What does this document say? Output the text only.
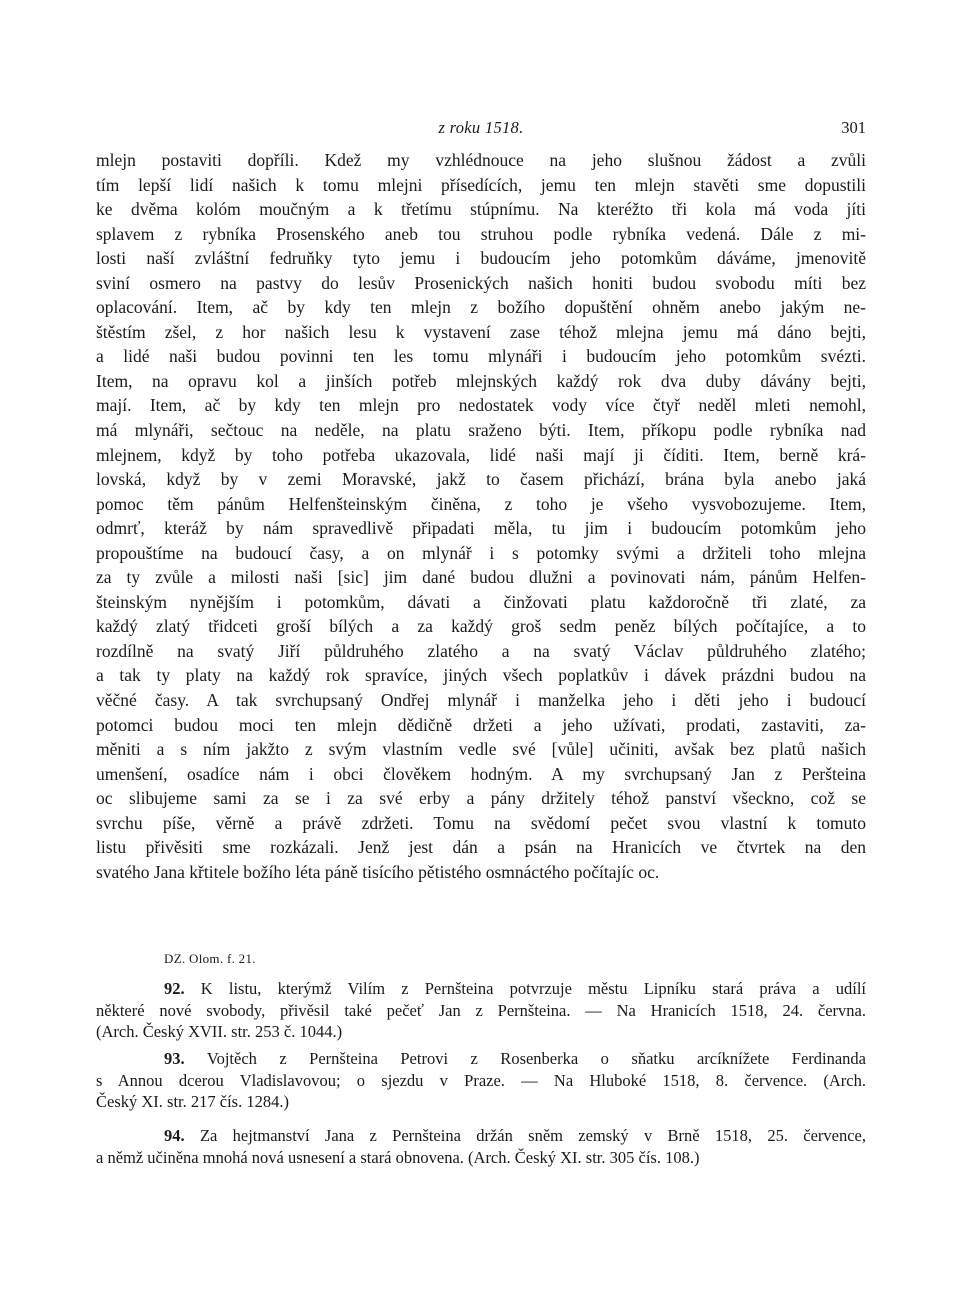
z roku 1518.	301
mlejn postaviti dopříli. Kdež my vzhlédnouce na jeho slušnou žádost a zvůli
tím lepší lidí našich k tomu mlejni přísedících, jemu ten mlejn stavěti sme dopustili
ke dvěma kolóm moučným a k třetímu stúpnímu. Na kteréžto tři kola má voda jíti
splavem z rybníka Prosenského aneb tou struhou podle rybníka vedená. Dále z mi-
losti naší zvláštní fedruňky tyto jemu i budoucím jeho potomkům dáváme, jmenovitě
sviní osmero na pastvy do lesův Prosenických našich honiti budou svobodu míti bez
oplacování. Item, ač by kdy ten mlejn z božího dopuštění ohněm anebo jakým ne-
štěstím zšel, z hor našich lesu k vystavení zase téhož mlejna jemu má dáno bejti,
a lidé naši budou povinni ten les tomu mlynáři i budoucím jeho potomkům svézti.
Item, na opravu kol a jinších potřeb mlejnských každý rok dva duby dávány bejti,
mají. Item, ač by kdy ten mlejn pro nedostatek vody více čtyř neděl mleti nemohl,
má mlynáři, sečtouc na neděle, na platu sraženo býti. Item, příkopu podle rybníka nad
mlejnem, když by toho potřeba ukazovala, lidé naši mají ji číditi. Item, berně krá-
lovská, když by v zemi Moravské, jakž to časem přichází, brána byla anebo jaká
pomoc těm pánům Helfenšteinským činěna, z toho je všeho vysvobozujeme. Item,
odmrť, kteráž by nám spravedlivě připadati měla, tu jim i budoucím potomkům jeho
propouštíme na budoucí časy, a on mlynář i s potomky svými a držiteli toho mlejna
za ty zvůle a milosti naši [sic] jim dané budou dlužni a povinovati nám, pánům Helfen-
šteinským nynějším i potomkům, dávati a činžovati platu každoročně tři zlaté, za
každý zlatý třidceti groší bílých a za každý groš sedm peněz bílých počítajíce, a to
rozdílně na svatý Jiří půldruhého zlatého a na svatý Václav půldruhého zlatého;
a tak ty platy na každý rok spravíce, jiných všech poplatkův i dávek prázdni budou na
věčné časy. A tak svrchupsaný Ondřej mlynář i manželka jeho i děti jeho i budoucí
potomci budou moci ten mlejn dědičně držeti a jeho užívati, prodati, zastaviti, za-
měniti a s ním jakžto z svým vlastním vedle své [vůle] učiniti, avšak bez platů našich
umenšení, osadíce nám i obci člověkem hodným. A my svrchupsaný Jan z Peršteina
oc slibujeme sami za se i za své erby a pány držitely téhož panství všeckno, což se
svrchu píše, věrně a právě zdržeti. Tomu na svědomí pečet svou vlastní k tomuto
listu přivěsiti sme rozkázali. Jenž jest dán a psán na Hranicích ve čtvrtek na den
svatého Jana křtitele božího léta páně tisícího pětistého osmnáctého počítajíc oc.
DZ. Olom. f. 21.
92. K listu, kterýmž Vilím z Pernšteina potvrzuje městu Lipníku stará práva a udílí
některé nové svobody, přivěsil také pečeť Jan z Pernšteina. — Na Hranicích 1518, 24. června.
(Arch. Český XVII. str. 253 č. 1044.)
93. Vojtěch z Pernšteina Petrovi z Rosenberka o sňatku arcíknížete Ferdinanda
s Annou dcerou Vladislavovou; o sjezdu v Praze. — Na Hluboké 1518, 8. července. (Arch.
Český XI. str. 217 čís. 1284.)
94. Za hejtmanství Jana z Pernšteina držán sněm zemský v Brně 1518, 25. července,
a němž učiněna mnohá nová usnesení a stará obnovena. (Arch. Český XI. str. 305 čís. 108.)
